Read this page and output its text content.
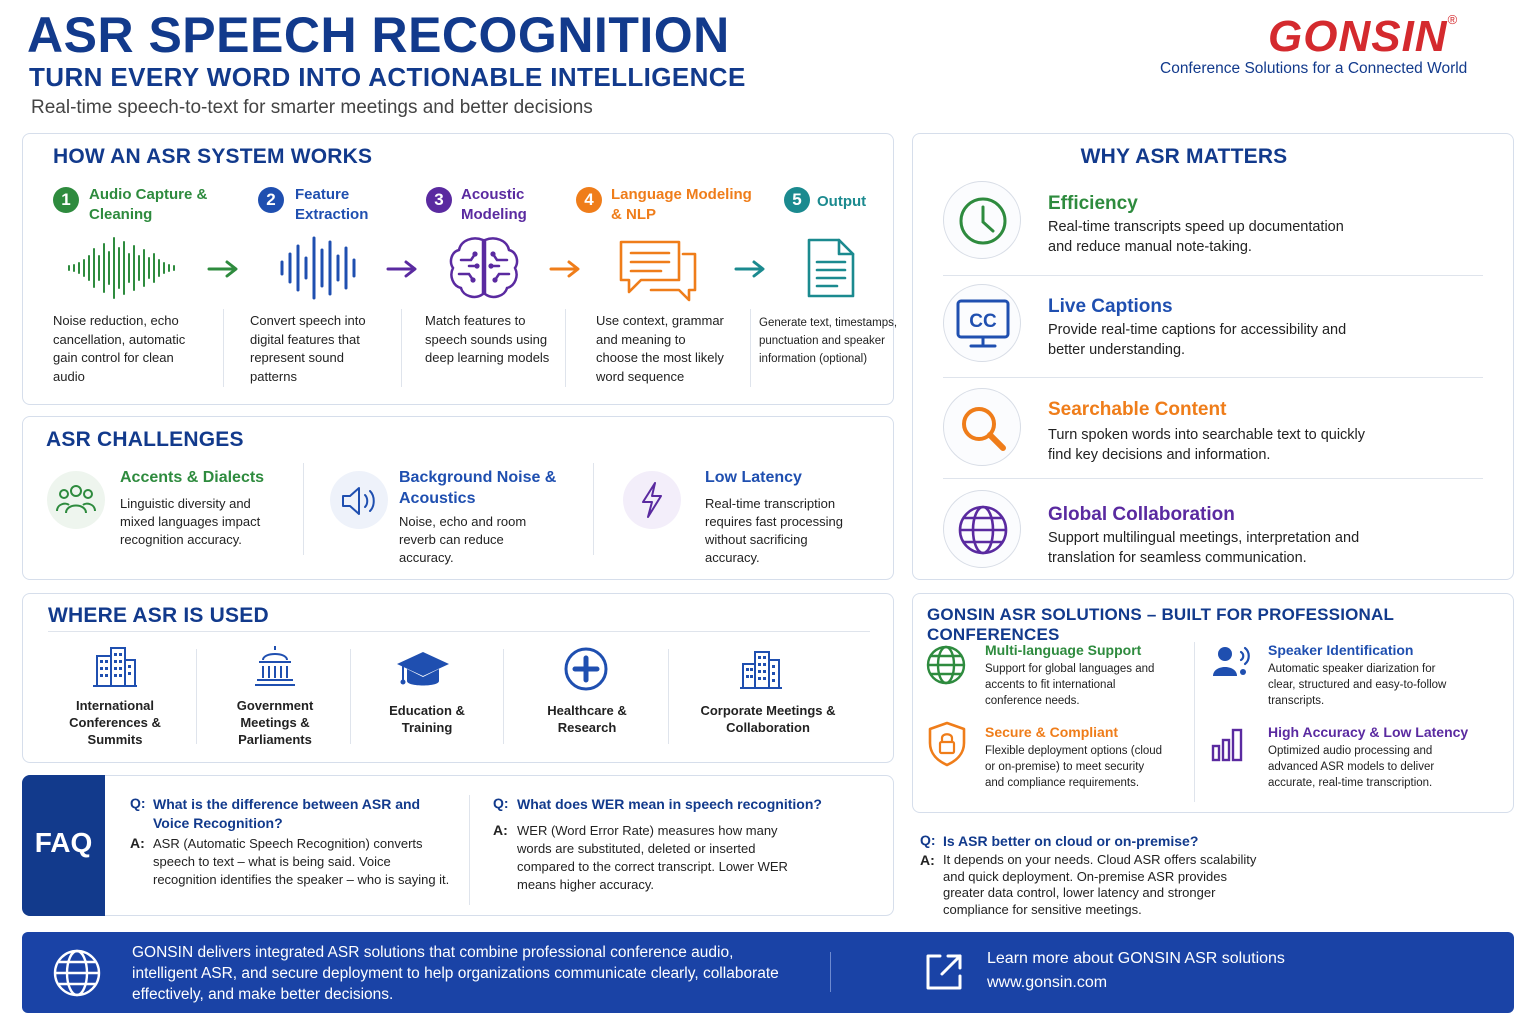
ASR SPEECH RECOGNITION
TURN EVERY WORD INTO ACTIONABLE INTELLIGENCE
Real-time speech-to-text for smarter meetings and better decisions
GONSIN®
Conference Solutions for a Connected World
HOW AN ASR SYSTEM WORKS
1	Audio Capture & Cleaning
Noise reduction, echo cancellation, automatic gain control for clean audio
2	Feature Extraction
Convert speech into digital features that represent sound patterns
3	Acoustic Modeling
Match features to speech sounds using deep learning models
4	Language Modeling & NLP
Use context, grammar and meaning to choose the most likely word sequence
5	Output
Generate text, timestamps, punctuation and speaker information (optional)
WHY ASR MATTERS
Efficiency
Real-time transcripts speed up documentation and reduce manual note-taking.
CC
Live Captions
Provide real-time captions for accessibility and better understanding.
Searchable Content
Turn spoken words into searchable text to quickly find key decisions and information.
Global Collaboration
Support multilingual meetings, interpretation and translation for seamless communication.
ASR CHALLENGES
Accents & Dialects
Linguistic diversity and mixed languages impact recognition accuracy.
Background Noise & Acoustics
Noise, echo and room reverb can reduce accuracy.
Low Latency
Real-time transcription requires fast processing without sacrificing accuracy.
WHERE ASR IS USED
International Conferences & Summits
Government Meetings & Parliaments
Education & Training
Healthcare & Research
Corporate Meetings & Collaboration
GONSIN ASR SOLUTIONS – BUILT FOR PROFESSIONAL CONFERENCES
Multi-language Support
Support for global languages and accents to fit international conference needs.
Speaker Identification
Automatic speaker diarization for clear, structured and easy-to-follow transcripts.
Secure & Compliant
Flexible deployment options (cloud or on-premise) to meet security and compliance requirements.
High Accuracy & Low Latency
Optimized audio processing and advanced ASR models to deliver accurate, real-time transcription.
FAQ
Q: What is the difference between ASR and Voice Recognition?
A: ASR (Automatic Speech Recognition) converts speech to text – what is being said. Voice recognition identifies the speaker – who is saying it.
Q: What does WER mean in speech recognition?
A: WER (Word Error Rate) measures how many words are substituted, deleted or inserted compared to the correct transcript. Lower WER means higher accuracy.
Q: Is ASR better on cloud or on-premise?
A: It depends on your needs. Cloud ASR offers scalability and quick deployment. On-premise ASR provides greater data control, lower latency and stronger compliance for sensitive meetings.
GONSIN delivers integrated ASR solutions that combine professional conference audio, intelligent ASR, and secure deployment to help organizations communicate clearly, collaborate effectively, and make better decisions.
Learn more about GONSIN ASR solutions
www.gonsin.com
